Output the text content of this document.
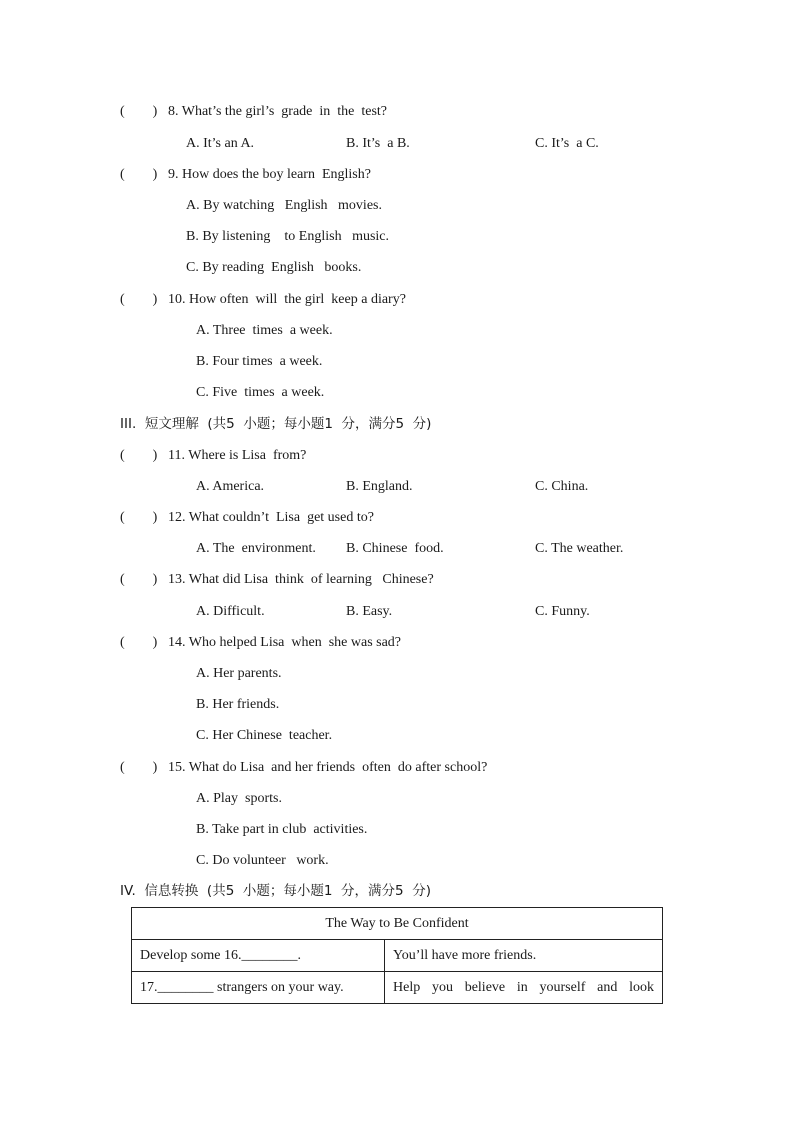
(        ) 8. What’s the girl’s  grade  in  the  test?
A. It’s an A.	B. It’s  a B.	C. It’s  a C.
(        ) 9. How does the boy learn  English?
A. By watching   English   movies.
B. By listening    to English   music.
C. By reading  English   books.
(        ) 10. How often  will  the girl  keep a diary?
A. Three  times  a week.
B. Four times  a week.
C. Five  times  a week.
III.  短文理解  (共5  小题；每小题1  分，满分5  分)
(        ) 11. Where is Lisa  from?
A. America.	B. England.	C. China.
(        ) 12. What couldn’t  Lisa  get used to?
A. The  environment. B. Chinese  food.	C. The weather.
(        ) 13. What did Lisa  think  of learning   Chinese?
A. Difficult.	B. Easy.	C. Funny.
(        ) 14. Who helped Lisa  when  she was sad?
A. Her parents.
B. Her friends.
C. Her Chinese  teacher.
(        ) 15. What do Lisa  and her friends  often  do after school?
A. Play  sports.
B. Take part in club  activities.
C. Do volunteer   work.
IV.  信息转换  (共5  小题；每小题1  分，满分5  分)
The Way to Be Confident	
Develop some 16.________.	You’ll have more friends.
17.________ strangers on your way.	Help you believe in yourself and look
